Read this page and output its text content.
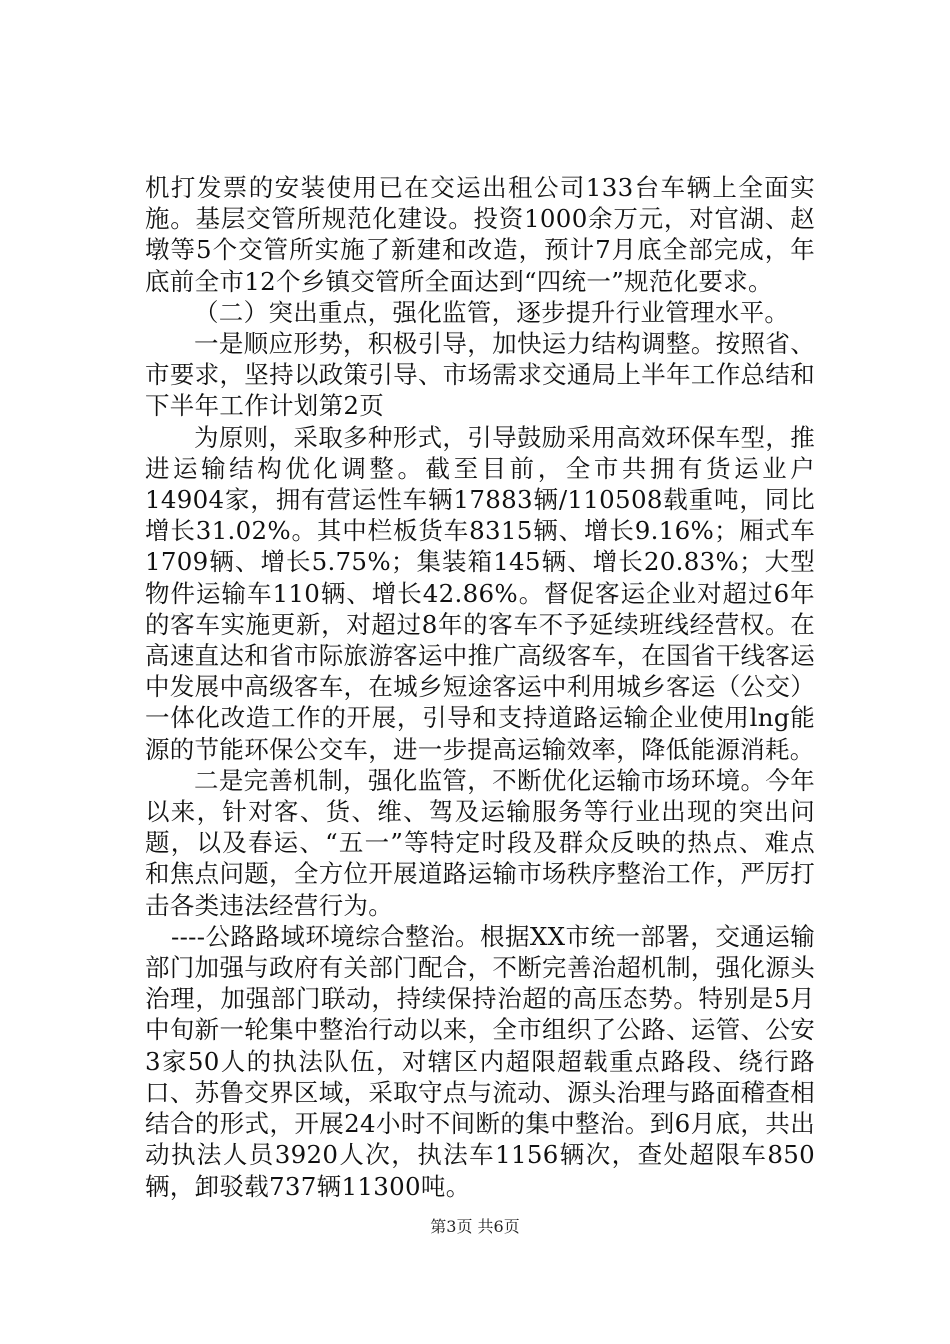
机打发票的安装使用已在交运出租公司133台车辆上全面实施。基层交管所规范化建设。投资1000余万元，对官湖、赵墩等5个交管所实施了新建和改造，预计7月底全部完成，年底前全市12个乡镇交管所全面达到“四统一”规范化要求。

（二）突出重点，强化监管，逐步提升行业管理水平。

一是顺应形势，积极引导，加快运力结构调整。按照省、市要求，坚持以政策引导、市场需求交通局上半年工作总结和下半年工作计划第2页

为原则，采取多种形式，引导鼓励采用高效环保车型，推进运输结构优化调整。截至目前，全市共拥有货运业户14904家，拥有营运性车辆17883辆/110508载重吨，同比增长31.02%。其中栏板货车8315辆、增长9.16%；厢式车1709辆、增长5.75%；集装箱145辆、增长20.83%；大型物件运输车110辆、增长42.86%。督促客运企业对超过6年的客车实施更新，对超过8年的客车不予延续班线经营权。在高速直达和省市际旅游客运中推广高级客车，在国省干线客运中发展中高级客车，在城乡短途客运中利用城乡客运（公交）一体化改造工作的开展，引导和支持道路运输企业使用lng能源的节能环保公交车，进一步提高运输效率，降低能源消耗。

二是完善机制，强化监管，不断优化运输市场环境。今年以来，针对客、货、维、驾及运输服务等行业出现的突出问题，以及春运、“五一”等特定时段及群众反映的热点、难点和焦点问题，全方位开展道路运输市场秩序整治工作，严厉打击各类违法经营行为。

----公路路域环境综合整治。根据XX市统一部署，交通运输部门加强与政府有关部门配合，不断完善治超机制，强化源头治理，加强部门联动，持续保持治超的高压态势。特别是5月中旬新一轮集中整治行动以来，全市组织了公路、运管、公安3家50人的执法队伍，对辖区内超限超载重点路段、绕行路口、苏鲁交界区域，采取守点与流动、源头治理与路面稽查相结合的形式，开展24小时不间断的集中整治。到6月底，共出动执法人员3920人次，执法车1156辆次，查处超限车850辆，卸驳载737辆11300吨。

第3页 共6页
